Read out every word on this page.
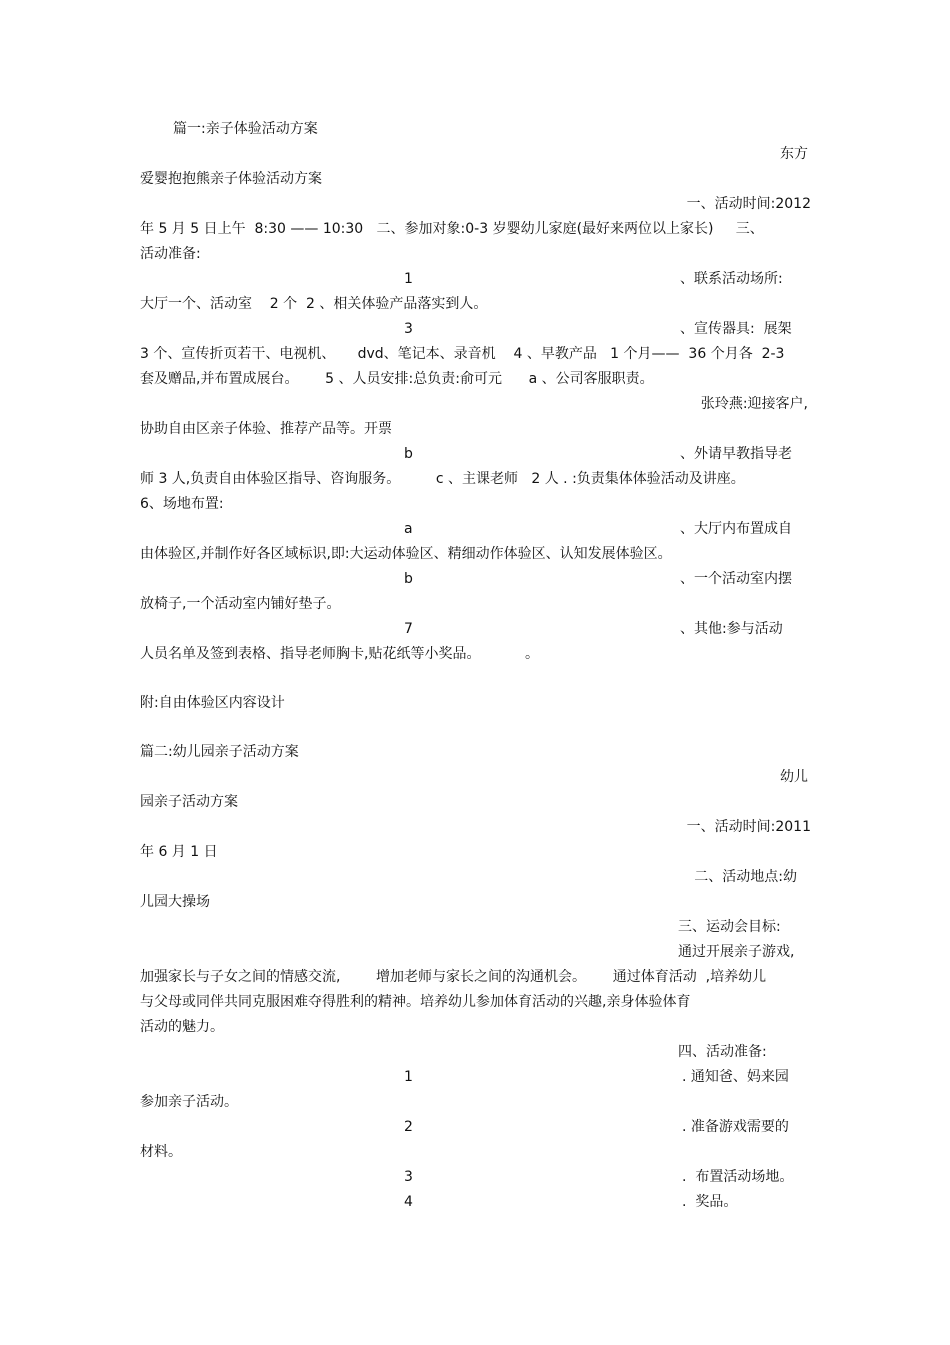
篇一:亲子体验活动方案
东方
爱婴抱抱熊亲子体验活动方案
一、活动时间:2012
年 5 月 5 日上午  8:30 —— 10:30   二、参加对象:0-3 岁婴幼儿家庭(最好来两位以上家长)     三、
活动准备:
1	、联系活动场所:
大厅一个、活动室    2 个  2 、相关体验产品落实到人。
3	、宣传器具:  展架
3 个、宣传折页若干、电视机、     dvd、笔记本、录音机    4 、早教产品   1 个月——  36 个月各  2-3
套及赠品,并布置成展台。      5 、人员安排:总负责:俞可元      a 、公司客服职责。
张玲燕:迎接客户,
协助自由区亲子体验、推荐产品等。开票
b	、外请早教指导老
师 3 人,负责自由体验区指导、咨询服务。        c 、主课老师   2 人 . :负责集体体验活动及讲座。
6、场地布置:
a	、大厅内布置成自
由体验区,并制作好各区域标识,即:大运动体验区、精细动作体验区、认知发展体验区。
b	、一个活动室内摆
放椅子,一个活动室内铺好垫子。
7	、其他:参与活动
人员名单及签到表格、指导老师胸卡,贴花纸等小奖品。          。
附:自由体验区内容设计
篇二:幼儿园亲子活动方案
幼儿
园亲子活动方案
一、活动时间:2011
年 6 月 1 日
二、活动地点:幼
儿园大操场
三、运动会目标:
通过开展亲子游戏,
加强家长与子女之间的情感交流,        增加老师与家长之间的沟通机会。      通过体育活动  ,培养幼儿
与父母或同伴共同克服困难夺得胜利的精神。培养幼儿参加体育活动的兴趣,亲身体验体育
活动的魅力。
四、活动准备:
1	. 通知爸、妈来园
参加亲子活动。
2	. 准备游戏需要的
材料。
3	.  布置活动场地。
4	.  奖品。
